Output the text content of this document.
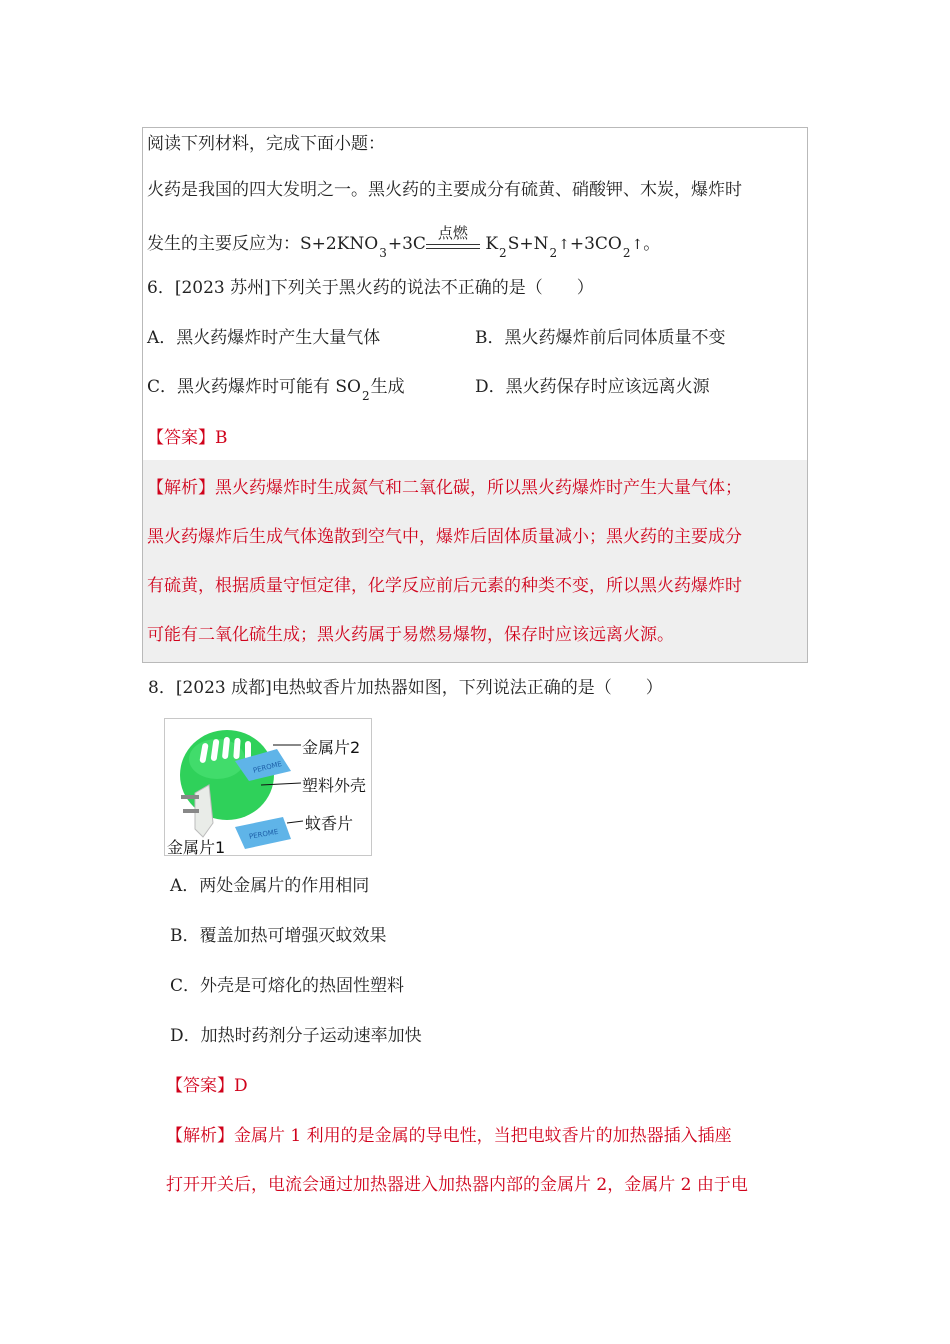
阅读下列材料，完成下面小题：
火药是我国的四大发明之一。黑火药的主要成分有硫黄、硝酸钾、木炭，爆炸时
发生的主要反应为：$S+2KNO_3+3C$
点燃
$K_2S+N_2↑+3CO_2↑$。
6．[2023 苏州]下列关于黑火药的说法不正确的是（　　）
A．黑火药爆炸时产生大量气体	B．黑火药爆炸前后同体质量不变
C．黑火药爆炸时可能有 $SO_2$生成	D．黑火药保存时应该远离火源
【答案】B
【解析】黑火药爆炸时生成氮气和二氧化碳，所以黑火药爆炸时产生大量气体；
黑火药爆炸后生成气体逸散到空气中，爆炸后固体质量减小；黑火药的主要成分
有硫黄，根据质量守恒定律，化学反应前后元素的种类不变，所以黑火药爆炸时
可能有二氧化硫生成；黑火药属于易燃易爆物，保存时应该远离火源。
8．[2023 成都]电热蚊香片加热器如图，下列说法正确的是（　　）
PEROME
PEROME
金属片2
塑料外壳
蚊香片
金属片1
A．两处金属片的作用相同
B．覆盖加热可增强灭蚊效果
C．外壳是可熔化的热固性塑料
D．加热时药剂分子运动速率加快
【答案】D
【解析】金属片 1 利用的是金属的导电性，当把电蚊香片的加热器插入插座
打开开关后，电流会通过加热器进入加热器内部的金属片 2，金属片 2 由于电
